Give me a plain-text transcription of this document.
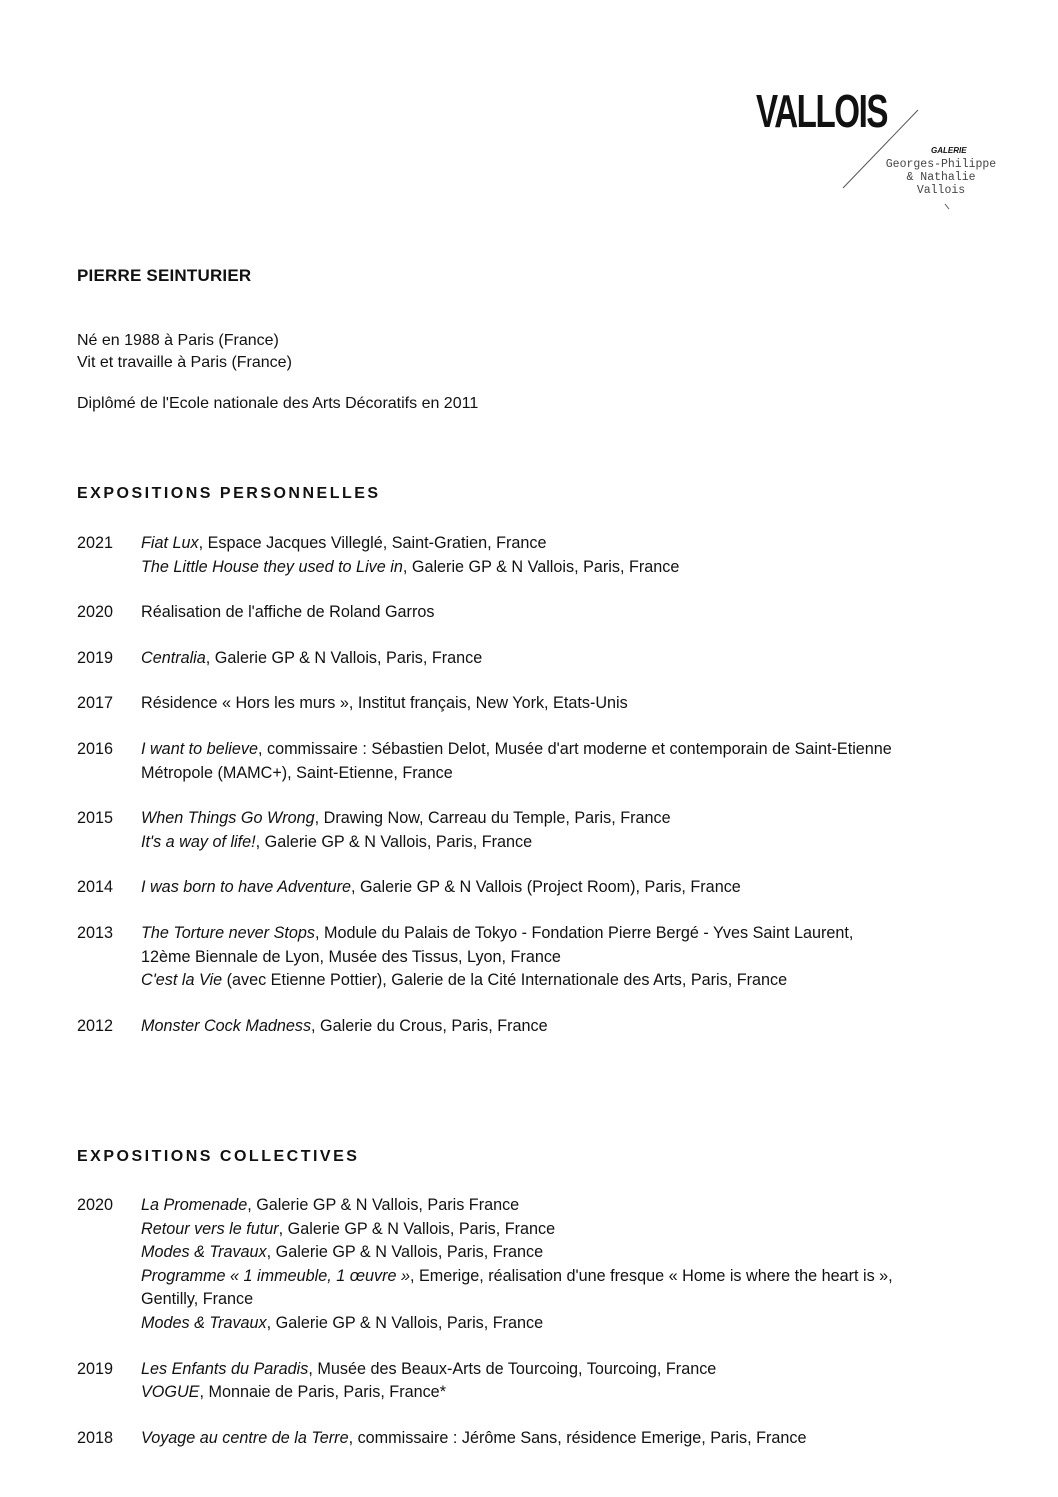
VALLOIS
GALERIE
Georges-Philippe
& Nathalie
Vallois
PIERRE SEINTURIER
Né en 1988 à Paris (France)
Vit et travaille à Paris (France)
Diplômé de l'Ecole nationale des Arts Décoratifs en 2011
EXPOSITIONS PERSONNELLES
2021	Fiat Lux, Espace Jacques Villeglé, Saint-Gratien, France
The Little House they used to Live in, Galerie GP & N Vallois, Paris, France
2020	Réalisation de l'affiche de Roland Garros
2019	Centralia, Galerie GP & N Vallois, Paris, France
2017	Résidence « Hors les murs », Institut français, New York, Etats-Unis
2016	I want to believe, commissaire : Sébastien Delot, Musée d'art moderne et contemporain de Saint-Etienne
Métropole (MAMC+), Saint-Etienne, France
2015	When Things Go Wrong, Drawing Now, Carreau du Temple, Paris, France
It's a way of life!, Galerie GP & N Vallois, Paris, France
2014	I was born to have Adventure, Galerie GP & N Vallois (Project Room), Paris, France
2013	The Torture never Stops, Module du Palais de Tokyo - Fondation Pierre Bergé - Yves Saint Laurent,
12ème Biennale de Lyon, Musée des Tissus, Lyon, France
C'est la Vie (avec Etienne Pottier), Galerie de la Cité Internationale des Arts, Paris, France
2012	Monster Cock Madness, Galerie du Crous, Paris, France
EXPOSITIONS COLLECTIVES
2020	La Promenade, Galerie GP & N Vallois, Paris France
Retour vers le futur, Galerie GP & N Vallois, Paris, France
Modes & Travaux, Galerie GP & N Vallois, Paris, France
Programme « 1 immeuble, 1 œuvre », Emerige, réalisation d'une fresque « Home is where the heart is »,
Gentilly, France
Modes & Travaux, Galerie GP & N Vallois, Paris, France
2019	Les Enfants du Paradis, Musée des Beaux-Arts de Tourcoing, Tourcoing, France
VOGUE, Monnaie de Paris, Paris, France*
2018	Voyage au centre de la Terre, commissaire : Jérôme Sans, résidence Emerige, Paris, France
